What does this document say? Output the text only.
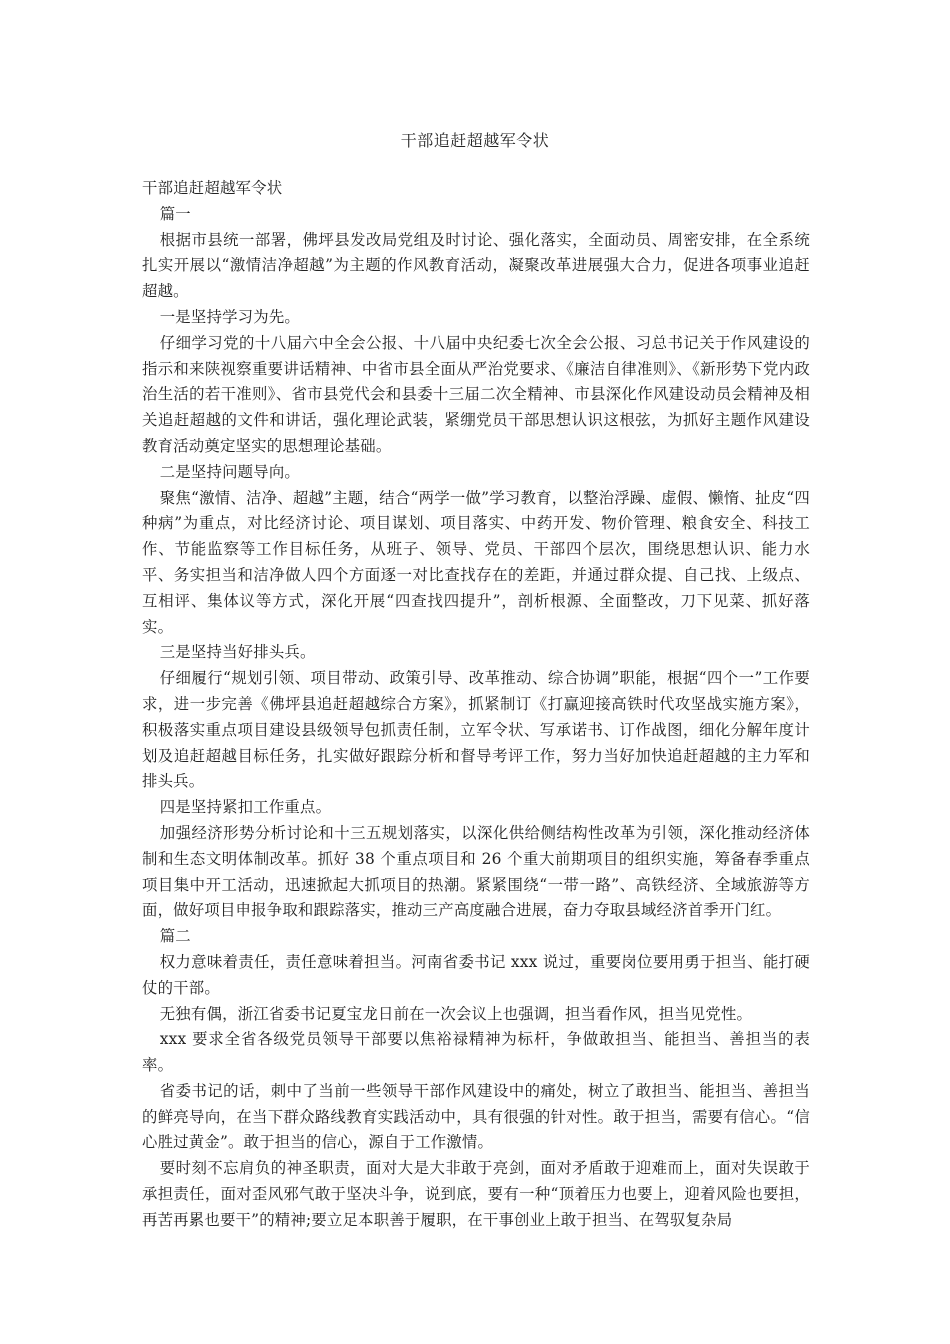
干部追赶超越军令状

干部追赶超越军令状

篇一

根据市县统一部署，佛坪县发改局党组及时讨论、强化落实，全面动员、周密安排，在全系统扎实开展以“激情洁净超越”为主题的作风教育活动，凝聚改革进展强大合力，促进各项事业追赶超越。

一是坚持学习为先。

仔细学习党的十八届六中全会公报、十八届中央纪委七次全会公报、习总书记关于作风建设的指示和来陕视察重要讲话精神、中省市县全面从严治党要求、《廉洁自律准则》、《新形势下党内政治生活的若干准则》、省市县党代会和县委十三届二次全精神、市县深化作风建设动员会精神及相关追赶超越的文件和讲话，强化理论武装，紧绷党员干部思想认识这根弦，为抓好主题作风建设教育活动奠定坚实的思想理论基础。

二是坚持问题导向。

聚焦“激情、洁净、超越”主题，结合“两学一做”学习教育，以整治浮躁、虚假、懒惰、扯皮“四种病”为重点，对比经济讨论、项目谋划、项目落实、中药开发、物价管理、粮食安全、科技工作、节能监察等工作目标任务，从班子、领导、党员、干部四个层次，围绕思想认识、能力水平、务实担当和洁净做人四个方面逐一对比查找存在的差距，并通过群众提、自己找、上级点、互相评、集体议等方式，深化开展“四查找四提升”，剖析根源、全面整改，刀下见菜、抓好落实。

三是坚持当好排头兵。

仔细履行“规划引领、项目带动、政策引导、改革推动、综合协调”职能，根据“四个一”工作要求，进一步完善《佛坪县追赶超越综合方案》，抓紧制订《打赢迎接高铁时代攻坚战实施方案》，积极落实重点项目建设县级领导包抓责任制，立军令状、写承诺书、订作战图，细化分解年度计划及追赶超越目标任务，扎实做好跟踪分析和督导考评工作，努力当好加快追赶超越的主力军和排头兵。

四是坚持紧扣工作重点。

加强经济形势分析讨论和十三五规划落实，以深化供给侧结构性改革为引领，深化推动经济体制和生态文明体制改革。抓好 38 个重点项目和 26 个重大前期项目的组织实施，筹备春季重点项目集中开工活动，迅速掀起大抓项目的热潮。紧紧围绕“一带一路”、高铁经济、全域旅游等方面，做好项目申报争取和跟踪落实，推动三产高度融合进展，奋力夺取县域经济首季开门红。

篇二

权力意味着责任，责任意味着担当。河南省委书记 xxx 说过，重要岗位要用勇于担当、能打硬仗的干部。

无独有偶，浙江省委书记夏宝龙日前在一次会议上也强调，担当看作风，担当见党性。

xxx 要求全省各级党员领导干部要以焦裕禄精神为标杆，争做敢担当、能担当、善担当的表率。

省委书记的话，刺中了当前一些领导干部作风建设中的痛处，树立了敢担当、能担当、善担当的鲜亮导向，在当下群众路线教育实践活动中，具有很强的针对性。敢于担当，需要有信心。“信心胜过黄金”。敢于担当的信心，源自于工作激情。

要时刻不忘肩负的神圣职责，面对大是大非敢于亮剑，面对矛盾敢于迎难而上，面对失误敢于承担责任，面对歪风邪气敢于坚决斗争，说到底，要有一种“顶着压力也要上，迎着风险也要担，再苦再累也要干”的精神;要立足本职善于履职，在干事创业上敢于担当、在驾驭复杂局
